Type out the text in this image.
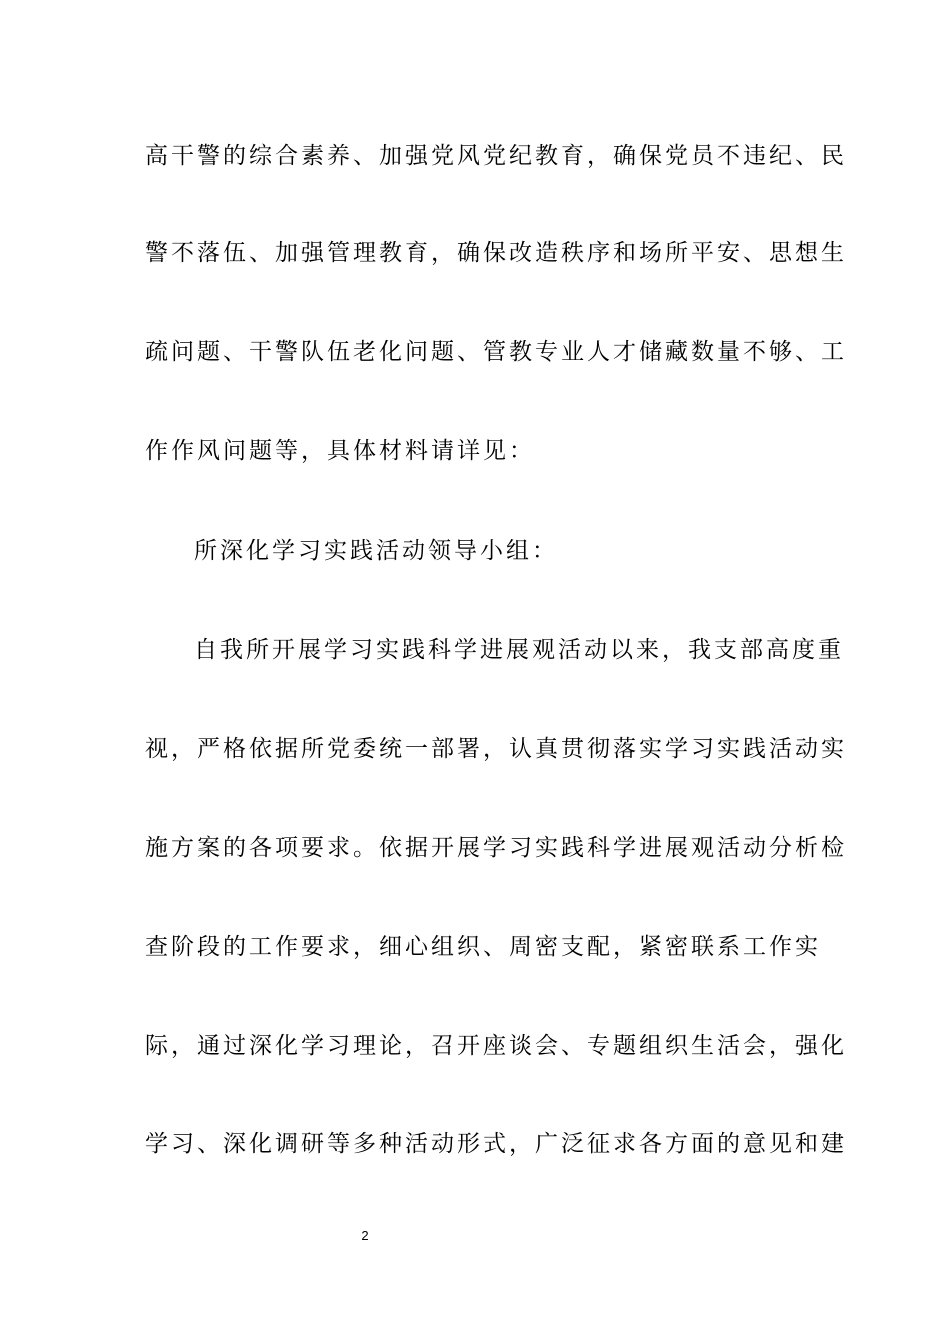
高干警的综合素养、加强党风党纪教育，确保党员不违纪、民
警不落伍、加强管理教育，确保改造秩序和场所平安、思想生
疏问题、干警队伍老化问题、管教专业人才储藏数量不够、工
作作风问题等，具体材料请详见：
所深化学习实践活动领导小组：
自我所开展学习实践科学进展观活动以来，我支部高度重
视，严格依据所党委统一部署，认真贯彻落实学习实践活动实
施方案的各项要求。依据开展学习实践科学进展观活动分析检
查阶段的工作要求，细心组织、周密支配，紧密联系工作实
际，通过深化学习理论，召开座谈会、专题组织生活会，强化
学习、深化调研等多种活动形式，广泛征求各方面的意见和建
2
